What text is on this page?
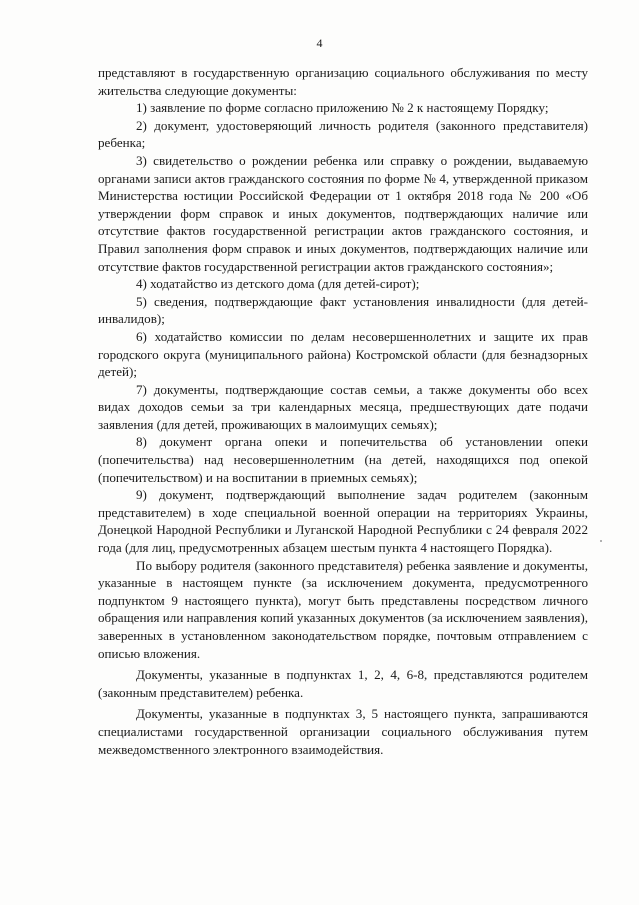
4

представляют в государственную организацию социального обслуживания по месту жительства следующие документы:

1) заявление по форме согласно приложению № 2 к настоящему Порядку;

2) документ, удостоверяющий личность родителя (законного представителя) ребенка;

3) свидетельство о рождении ребенка или справку о рождении, выдаваемую органами записи актов гражданского состояния по форме № 4, утвержденной приказом Министерства юстиции Российской Федерации от 1 октября 2018 года № 200 «Об утверждении форм справок и иных документов, подтверждающих наличие или отсутствие фактов государственной регистрации актов гражданского состояния, и Правил заполнения форм справок и иных документов, подтверждающих наличие или отсутствие фактов государственной регистрации актов гражданского состояния»;

4) ходатайство из детского дома (для детей-сирот);

5) сведения, подтверждающие факт установления инвалидности (для детей-инвалидов);

6) ходатайство комиссии по делам несовершеннолетних и защите их прав городского округа (муниципального района) Костромской области (для безнадзорных детей);

7) документы, подтверждающие состав семьи, а также документы обо всех видах доходов семьи за три календарных месяца, предшествующих дате подачи заявления (для детей, проживающих в малоимущих семьях);

8) документ органа опеки и попечительства об установлении опеки (попечительства) над несовершеннолетним (на детей, находящихся под опекой (попечительством) и на воспитании в приемных семьях);

9) документ, подтверждающий выполнение задач родителем (законным представителем) в ходе специальной военной операции на территориях Украины, Донецкой Народной Республики и Луганской Народной Республики с 24 февраля 2022 года (для лиц, предусмотренных абзацем шестым пункта 4 настоящего Порядка).

По выбору родителя (законного представителя) ребенка заявление и документы, указанные в настоящем пункте (за исключением документа, предусмотренного подпунктом 9 настоящего пункта), могут быть представлены посредством личного обращения или направления копий указанных документов (за исключением заявления), заверенных в установленном законодательством порядке, почтовым отправлением с описью вложения.

Документы, указанные в подпунктах 1, 2, 4, 6-8, представляются родителем (законным представителем) ребенка.

Документы, указанные в подпунктах 3, 5 настоящего пункта, запрашиваются специалистами государственной организации социального обслуживания путем межведомственного электронного взаимодействия.
